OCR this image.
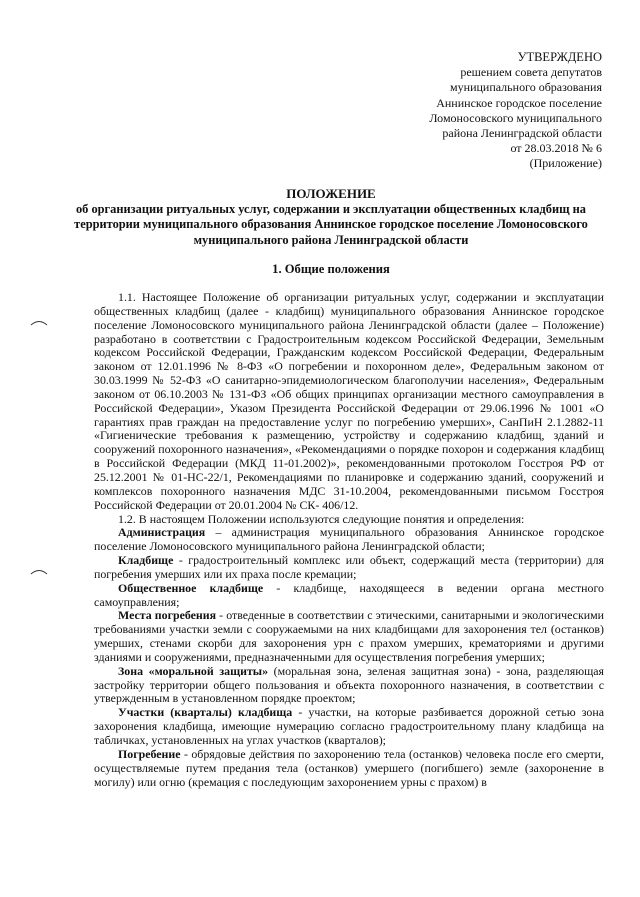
УТВЕРЖДЕНО
решением совета депутатов
муниципального образования
Аннинское городское поселение
Ломоносовского муниципального
района Ленинградской области
от 28.03.2018 № 6
(Приложение)
ПОЛОЖЕНИЕ
об организации ритуальных услуг, содержании и эксплуатации общественных кладбищ на территории муниципального образования Аннинское городское поселение Ломоносовского муниципального района Ленинградской области
1. Общие положения

1.1. Настоящее Положение об организации ритуальных услуг, содержании и эксплуатации общественных кладбищ (далее - кладбищ) муниципального образования Аннинское городское поселение Ломоносовского муниципального района Ленинградской области (далее – Положение) разработано в соответствии с Градостроительным кодексом Российской Федерации, Земельным кодексом Российской Федерации, Гражданским кодексом Российской Федерации, Федеральным законом от 12.01.1996 № 8-ФЗ «О погребении и похоронном деле», Федеральным законом от 30.03.1999 № 52-ФЗ «О санитарно-эпидемиологическом благополучии населения», Федеральным законом от 06.10.2003 № 131-ФЗ «Об общих принципах организации местного самоуправления в Российской Федерации», Указом Президента Российской Федерации от 29.06.1996 № 1001 «О гарантиях прав граждан на предоставление услуг по погребению умерших», СанПиН 2.1.2882-11 «Гигиенические требования к размещению, устройству и содержанию кладбищ, зданий и сооружений похоронного назначения», «Рекомендациями о порядке похорон и содержания кладбищ в Российской Федерации (МКД 11-01.2002)», рекомендованными протоколом Госстроя РФ от 25.12.2001 № 01-НС-22/1, Рекомендациями по планировке и содержанию зданий, сооружений и комплексов похоронного назначения МДС 31-10.2004, рекомендованными письмом Госстроя Российской Федерации от 20.01.2004 № СК- 406/12.

1.2. В настоящем Положении используются следующие понятия и определения:

Администрация – администрация муниципального образования Аннинское городское поселение Ломоносовского муниципального района Ленинградской области;

Кладбище - градостроительный комплекс или объект, содержащий места (территории) для погребения умерших или их праха после кремации;

Общественное кладбище - кладбище, находящееся в ведении органа местного самоуправления;

Места погребения - отведенные в соответствии с этическими, санитарными и экологическими требованиями участки земли с сооружаемыми на них кладбищами для захоронения тел (останков) умерших, стенами скорби для захоронения урн с прахом умерших, крематориями и другими зданиями и сооружениями, предназначенными для осуществления погребения умерших;

Зона «моральной защиты» (моральная зона, зеленая защитная зона) - зона, разделяющая застройку территории общего пользования и объекта похоронного назначения, в соответствии с утвержденным в установленном порядке проектом;

Участки (кварталы) кладбища - участки, на которые разбивается дорожной сетью зона захоронения кладбища, имеющие нумерацию согласно градостроительному плану кладбища на табличках, установленных на углах участков (кварталов);

Погребение - обрядовые действия по захоронению тела (останков) человека после его смерти, осуществляемые путем предания тела (останков) умершего (погибшего) земле (захоронение в могилу) или огню (кремация с последующим захоронением урны с прахом) в
